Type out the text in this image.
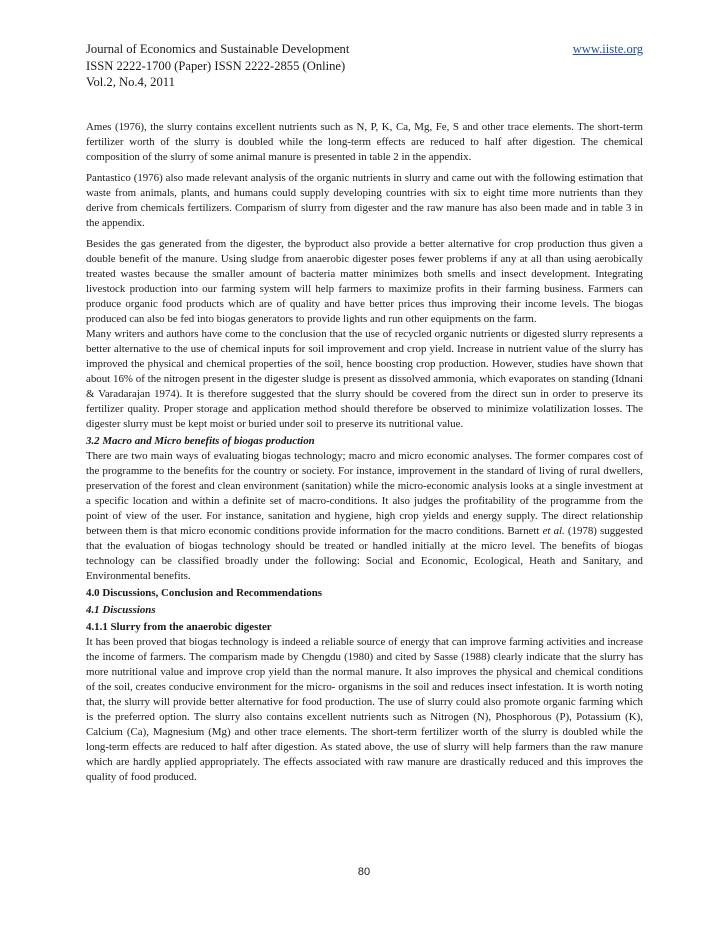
Journal of Economics and Sustainable Development	www.iiste.org
ISSN 2222-1700 (Paper) ISSN 2222-2855 (Online)
Vol.2, No.4, 2011

Ames (1976), the slurry contains excellent nutrients such as N, P, K, Ca, Mg, Fe, S and other trace elements. The short-term fertilizer worth of the slurry is doubled while the long-term effects are reduced to half after digestion. The chemical composition of the slurry of some animal manure is presented in table 2 in the appendix.

Pantastico (1976) also made relevant analysis of the organic nutrients in slurry and came out with the following estimation that waste from animals, plants, and humans could supply developing countries with six to eight time more nutrients than they derive from chemicals fertilizers. Comparism of slurry from digester and the raw manure has also been made and in table 3 in the appendix.

Besides the gas generated from the digester, the byproduct also provide a better alternative for crop production thus given a double benefit of the manure. Using sludge from anaerobic digester poses fewer problems if any at all than using aerobically treated wastes because the smaller amount of bacteria matter minimizes both smells and insect development. Integrating livestock production into our farming system will help farmers to maximize profits in their farming business. Farmers can produce organic food products which are of quality and have better prices thus improving their income levels. The biogas produced can also be fed into biogas generators to provide lights and run other equipments on the farm.

Many writers and authors have come to the conclusion that the use of recycled organic nutrients or digested slurry represents a better alternative to the use of chemical inputs for soil improvement and crop yield. Increase in nutrient value of the slurry has improved the physical and chemical properties of the soil, hence boosting crop production. However, studies have shown that about 16% of the nitrogen present in the digester sludge is present as dissolved ammonia, which evaporates on standing (Idnani & Varadarajan 1974). It is therefore suggested that the slurry should be covered from the direct sun in order to preserve its fertilizer quality. Proper storage and application method should therefore be observed to minimize volatilization losses. The digester slurry must be kept moist or buried under soil to preserve its nutritional value.

3.2 Macro and Micro benefits of biogas production

There are two main ways of evaluating biogas technology; macro and micro economic analyses. The former compares cost of the programme to the benefits for the country or society. For instance, improvement in the standard of living of rural dwellers, preservation of the forest and clean environment (sanitation) while the micro-economic analysis looks at a single investment at a specific location and within a definite set of macro-conditions. It also judges the profitability of the programme from the point of view of the user. For instance, sanitation and hygiene, high crop yields and energy supply. The direct relationship between them is that micro economic conditions provide information for the macro conditions. Barnett et al. (1978) suggested that the evaluation of biogas technology should be treated or handled initially at the micro level. The benefits of biogas technology can be classified broadly under the following: Social and Economic, Ecological, Heath and Sanitary, and Environmental benefits.

4.0 Discussions, Conclusion and Recommendations
4.1 Discussions
4.1.1 Slurry from the anaerobic digester

It has been proved that biogas technology is indeed a reliable source of energy that can improve farming activities and increase the income of farmers. The comparism made by Chengdu (1980) and cited by Sasse (1988) clearly indicate that the slurry has more nutritional value and improve crop yield than the normal manure. It also improves the physical and chemical conditions of the soil, creates conducive environment for the micro- organisms in the soil and reduces insect infestation. It is worth noting that, the slurry will provide better alternative for food production. The use of slurry could also promote organic farming which is the preferred option. The slurry also contains excellent nutrients such as Nitrogen (N), Phosphorous (P), Potassium (K), Calcium (Ca), Magnesium (Mg) and other trace elements. The short-term fertilizer worth of the slurry is doubled while the long-term effects are reduced to half after digestion. As stated above, the use of slurry will help farmers than the raw manure which are hardly applied appropriately. The effects associated with raw manure are drastically reduced and this improves the quality of food produced.

80
